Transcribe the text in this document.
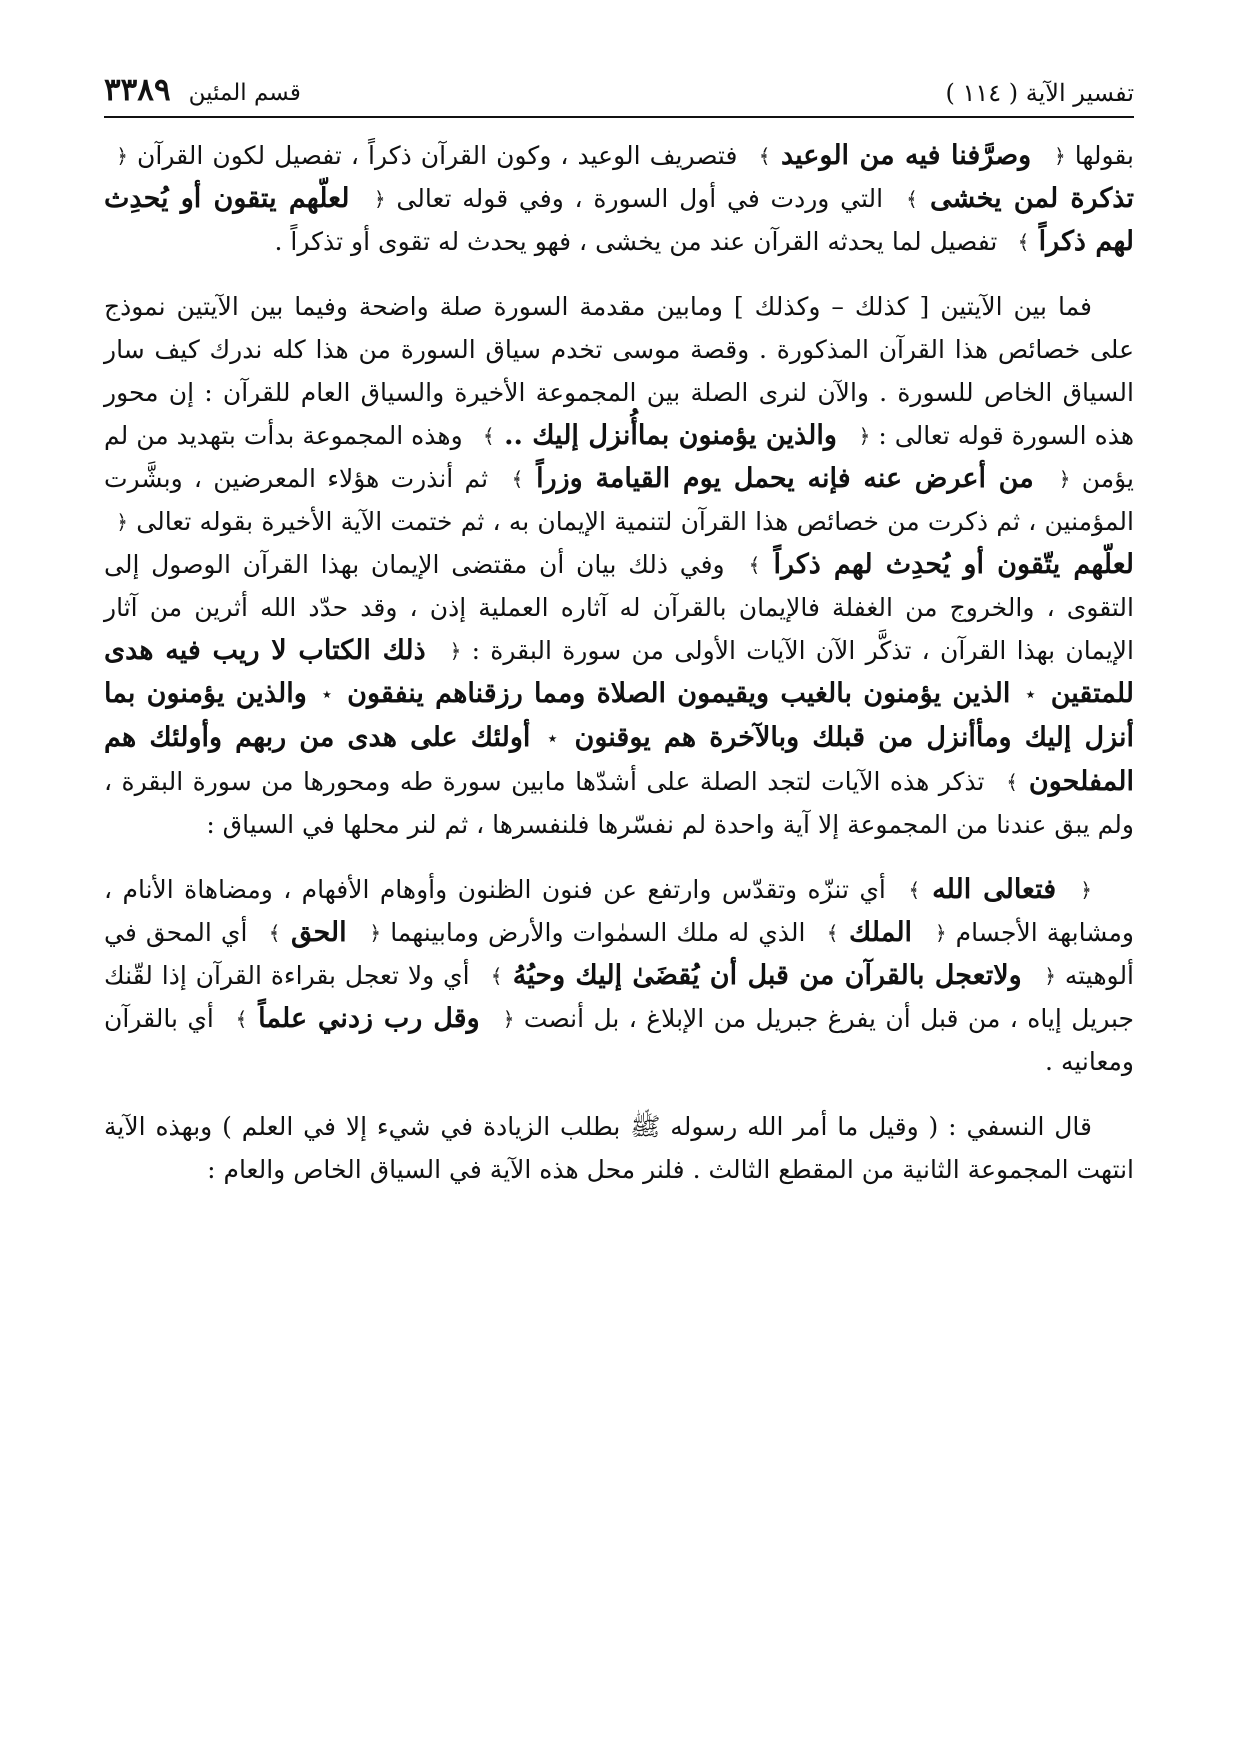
تفسير الآية ( ١١٤ )
قسم المئين
٣٣٨٩

بقولها ﴿ وصرَّفنا فيه من الوعيد ﴾ فتصريف الوعيد ، وكون القرآن ذكراً ، تفصيل لكون القرآن ﴿ تذكرة لمن يخشى ﴾ التي وردت في أول السورة ، وفي قوله تعالى ﴿ لعلّهم يتقون أو يُحدِث لهم ذكراً ﴾ تفصيل لما يحدثه القرآن عند من يخشى ، فهو يحدث له تقوى أو تذكراً .

فما بين الآيتين [ كذلك – وكذلك ] ومابين مقدمة السورة صلة واضحة وفيما بين الآيتين نموذج على خصائص هذا القرآن المذكورة . وقصة موسى تخدم سياق السورة من هذا كله ندرك كيف سار السياق الخاص للسورة . والآن لنرى الصلة بين المجموعة الأخيرة والسياق العام للقرآن : إن محور هذه السورة قوله تعالى : ﴿ والذين يؤمنون بماأُنزل إليك .. ﴾ وهذه المجموعة بدأت بتهديد من لم يؤمن ﴿ من أعرض عنه فإنه يحمل يوم القيامة وزراً ﴾ ثم أنذرت هؤلاء المعرضين ، وبشَّرت المؤمنين ، ثم ذكرت من خصائص هذا القرآن لتنمية الإيمان به ، ثم ختمت الآية الأخيرة بقوله تعالى ﴿ لعلّهم يتّقون أو يُحدِث لهم ذكراً ﴾ وفي ذلك بيان أن مقتضى الإيمان بهذا القرآن الوصول إلى التقوى ، والخروج من الغفلة فالإيمان بالقرآن له آثاره العملية إذن ، وقد حدّد الله أثرين من آثار الإيمان بهذا القرآن ، تذكَّر الآن الآيات الأولى من سورة البقرة : ﴿ ذلك الكتاب لا ريب فيه هدى للمتقين ٭ الذين يؤمنون بالغيب ويقيمون الصلاة ومما رزقناهم ينفقون ٭ والذين يؤمنون بما أنزل إليك ومأأنزل من قبلك وبالآخرة هم يوقنون ٭ أولئك على هدى من ربهم وأولئك هم المفلحون ﴾ تذكر هذه الآيات لتجد الصلة على أشدّها مابين سورة طه ومحورها من سورة البقرة ، ولم يبق عندنا من المجموعة إلا آية واحدة لم نفسّرها فلنفسرها ، ثم لنر محلها في السياق :

﴿ فتعالى الله ﴾ أي تنزّه وتقدّس وارتفع عن فنون الظنون وأوهام الأفهام ، ومضاهاة الأنام ، ومشابهة الأجسام ﴿ الملك ﴾ الذي له ملك السمٰوات والأرض ومابينهما ﴿ الحق ﴾ أي المحق في ألوهيته ﴿ ولاتعجل بالقرآن من قبل أن يُقضَىٰ إليك وحيُهُ ﴾ أي ولا تعجل بقراءة القرآن إذا لقّنك جبريل إياه ، من قبل أن يفرغ جبريل من الإبلاغ ، بل أنصت ﴿ وقل رب زدني علماً ﴾ أي بالقرآن ومعانيه .

قال النسفي : ( وقيل ما أمر الله رسوله ﷺ بطلب الزيادة في شيء إلا في العلم ) وبهذه الآية انتهت المجموعة الثانية من المقطع الثالث . فلنر محل هذه الآية في السياق الخاص والعام :
